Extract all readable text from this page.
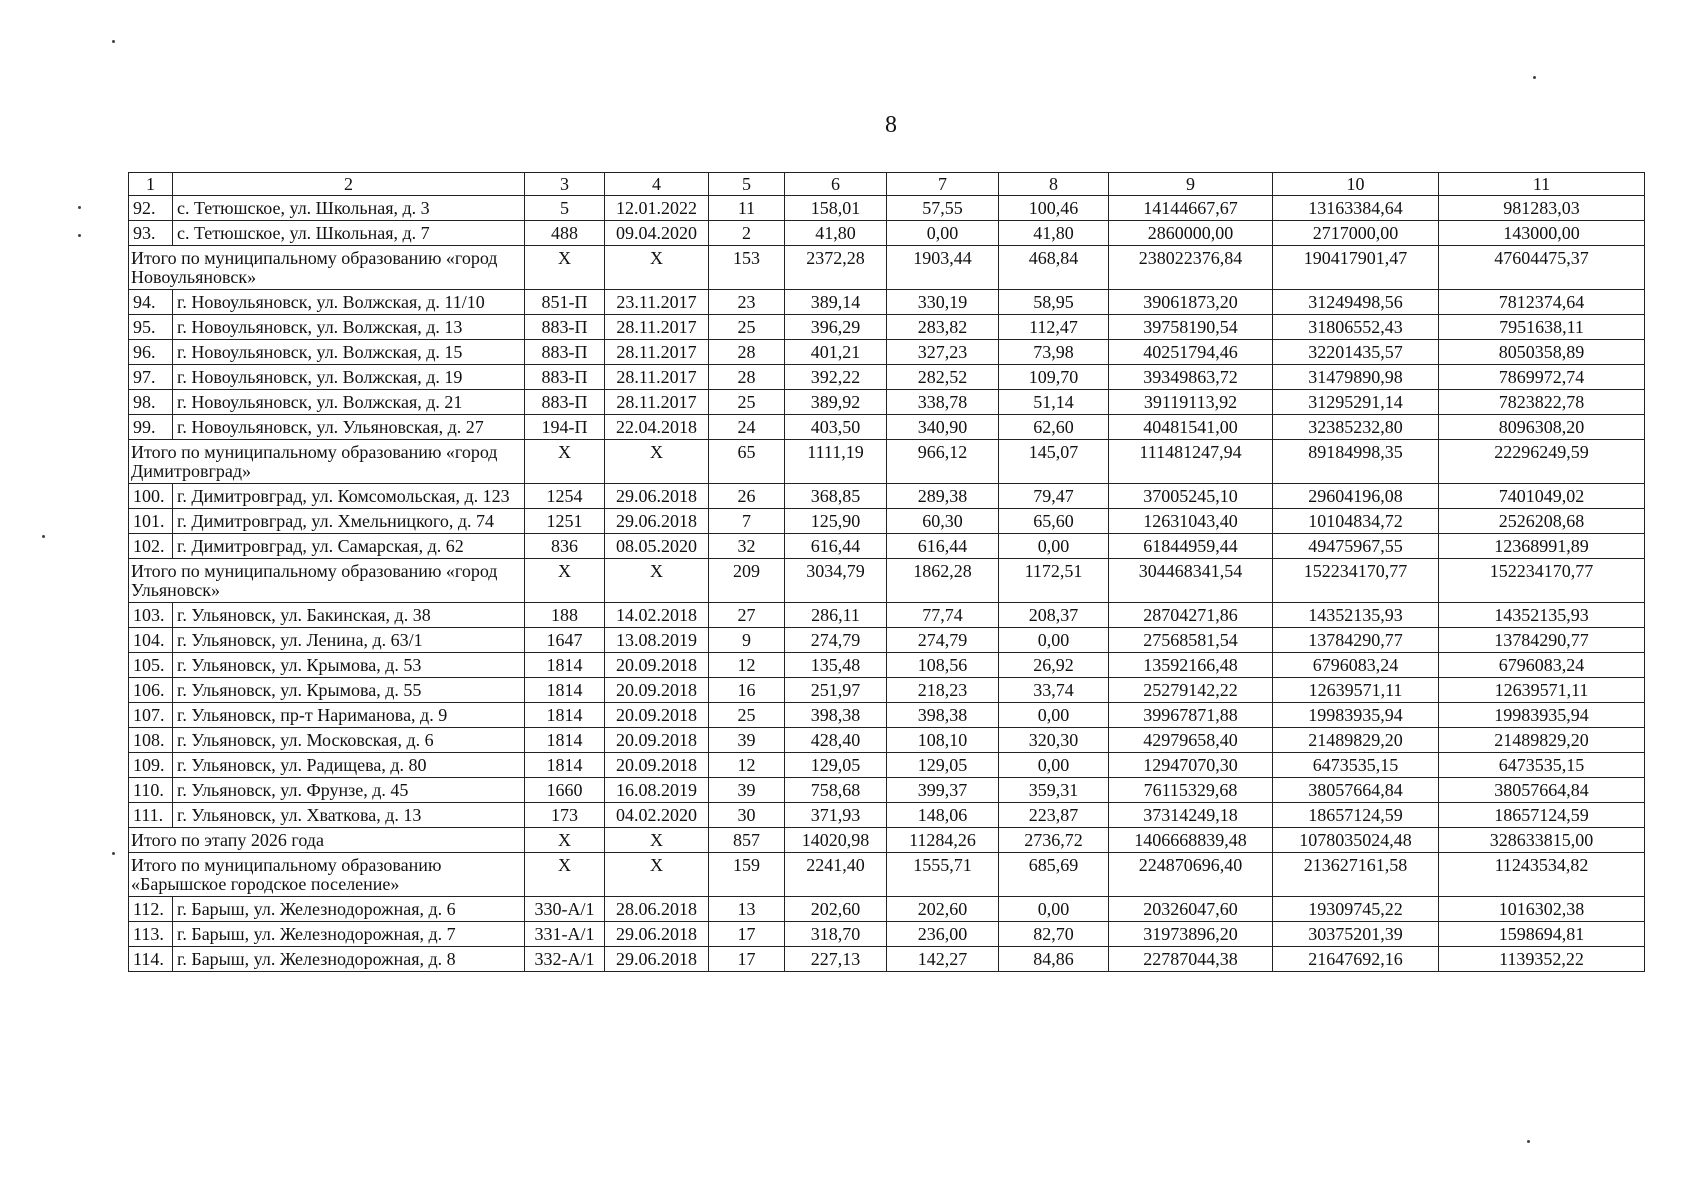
8
1	2	3	4	5	6	7	8	9	10	11
92.	с. Тетюшское, ул. Школьная, д. 3	5	12.01.2022	11	158,01	57,55	100,46	14144667,67	13163384,64	981283,03
93.	с. Тетюшское, ул. Школьная, д. 7	488	09.04.2020	2	41,80	0,00	41,80	2860000,00	2717000,00	143000,00
Итого по муниципальному образованию «город Новоульяновск»		Х	Х	153	2372,28	1903,44	468,84	238022376,84	190417901,47	47604475,37
94.	г. Новоульяновск, ул. Волжская, д. 11/10	851-П	23.11.2017	23	389,14	330,19	58,95	39061873,20	31249498,56	7812374,64
95.	г. Новоульяновск, ул. Волжская, д. 13	883-П	28.11.2017	25	396,29	283,82	112,47	39758190,54	31806552,43	7951638,11
96.	г. Новоульяновск, ул. Волжская, д. 15	883-П	28.11.2017	28	401,21	327,23	73,98	40251794,46	32201435,57	8050358,89
97.	г. Новоульяновск, ул. Волжская, д. 19	883-П	28.11.2017	28	392,22	282,52	109,70	39349863,72	31479890,98	7869972,74
98.	г. Новоульяновск, ул. Волжская, д. 21	883-П	28.11.2017	25	389,92	338,78	51,14	39119113,92	31295291,14	7823822,78
99.	г. Новоульяновск, ул. Ульяновская, д. 27	194-П	22.04.2018	24	403,50	340,90	62,60	40481541,00	32385232,80	8096308,20
Итого по муниципальному образованию «город Димитровград»		Х	Х	65	1111,19	966,12	145,07	111481247,94	89184998,35	22296249,59
100.	г. Димитровград, ул. Комсомольская, д. 123	1254	29.06.2018	26	368,85	289,38	79,47	37005245,10	29604196,08	7401049,02
101.	г. Димитровград, ул. Хмельницкого, д. 74	1251	29.06.2018	7	125,90	60,30	65,60	12631043,40	10104834,72	2526208,68
102.	г. Димитровград, ул. Самарская, д. 62	836	08.05.2020	32	616,44	616,44	0,00	61844959,44	49475967,55	12368991,89
Итого по муниципальному образованию «город Ульяновск»		Х	Х	209	3034,79	1862,28	1172,51	304468341,54	152234170,77	152234170,77
103.	г. Ульяновск, ул. Бакинская, д. 38	188	14.02.2018	27	286,11	77,74	208,37	28704271,86	14352135,93	14352135,93
104.	г. Ульяновск, ул. Ленина, д. 63/1	1647	13.08.2019	9	274,79	274,79	0,00	27568581,54	13784290,77	13784290,77
105.	г. Ульяновск, ул. Крымова, д. 53	1814	20.09.2018	12	135,48	108,56	26,92	13592166,48	6796083,24	6796083,24
106.	г. Ульяновск, ул. Крымова, д. 55	1814	20.09.2018	16	251,97	218,23	33,74	25279142,22	12639571,11	12639571,11
107.	г. Ульяновск, пр-т Нариманова, д. 9	1814	20.09.2018	25	398,38	398,38	0,00	39967871,88	19983935,94	19983935,94
108.	г. Ульяновск, ул. Московская, д. 6	1814	20.09.2018	39	428,40	108,10	320,30	42979658,40	21489829,20	21489829,20
109.	г. Ульяновск, ул. Радищева, д. 80	1814	20.09.2018	12	129,05	129,05	0,00	12947070,30	6473535,15	6473535,15
110.	г. Ульяновск, ул. Фрунзе, д. 45	1660	16.08.2019	39	758,68	399,37	359,31	76115329,68	38057664,84	38057664,84
111.	г. Ульяновск, ул. Хваткова, д. 13	173	04.02.2020	30	371,93	148,06	223,87	37314249,18	18657124,59	18657124,59
Итого по этапу 2026 года		Х	Х	857	14020,98	11284,26	2736,72	1406668839,48	1078035024,48	328633815,00
Итого по муниципальному образованию «Барышское городское поселение»		Х	Х	159	2241,40	1555,71	685,69	224870696,40	213627161,58	11243534,82
112.	г. Барыш, ул. Железнодорожная, д. 6	330-А/1	28.06.2018	13	202,60	202,60	0,00	20326047,60	19309745,22	1016302,38
113.	г. Барыш, ул. Железнодорожная, д. 7	331-А/1	29.06.2018	17	318,70	236,00	82,70	31973896,20	30375201,39	1598694,81
114.	г. Барыш, ул. Железнодорожная, д. 8	332-А/1	29.06.2018	17	227,13	142,27	84,86	22787044,38	21647692,16	1139352,22
